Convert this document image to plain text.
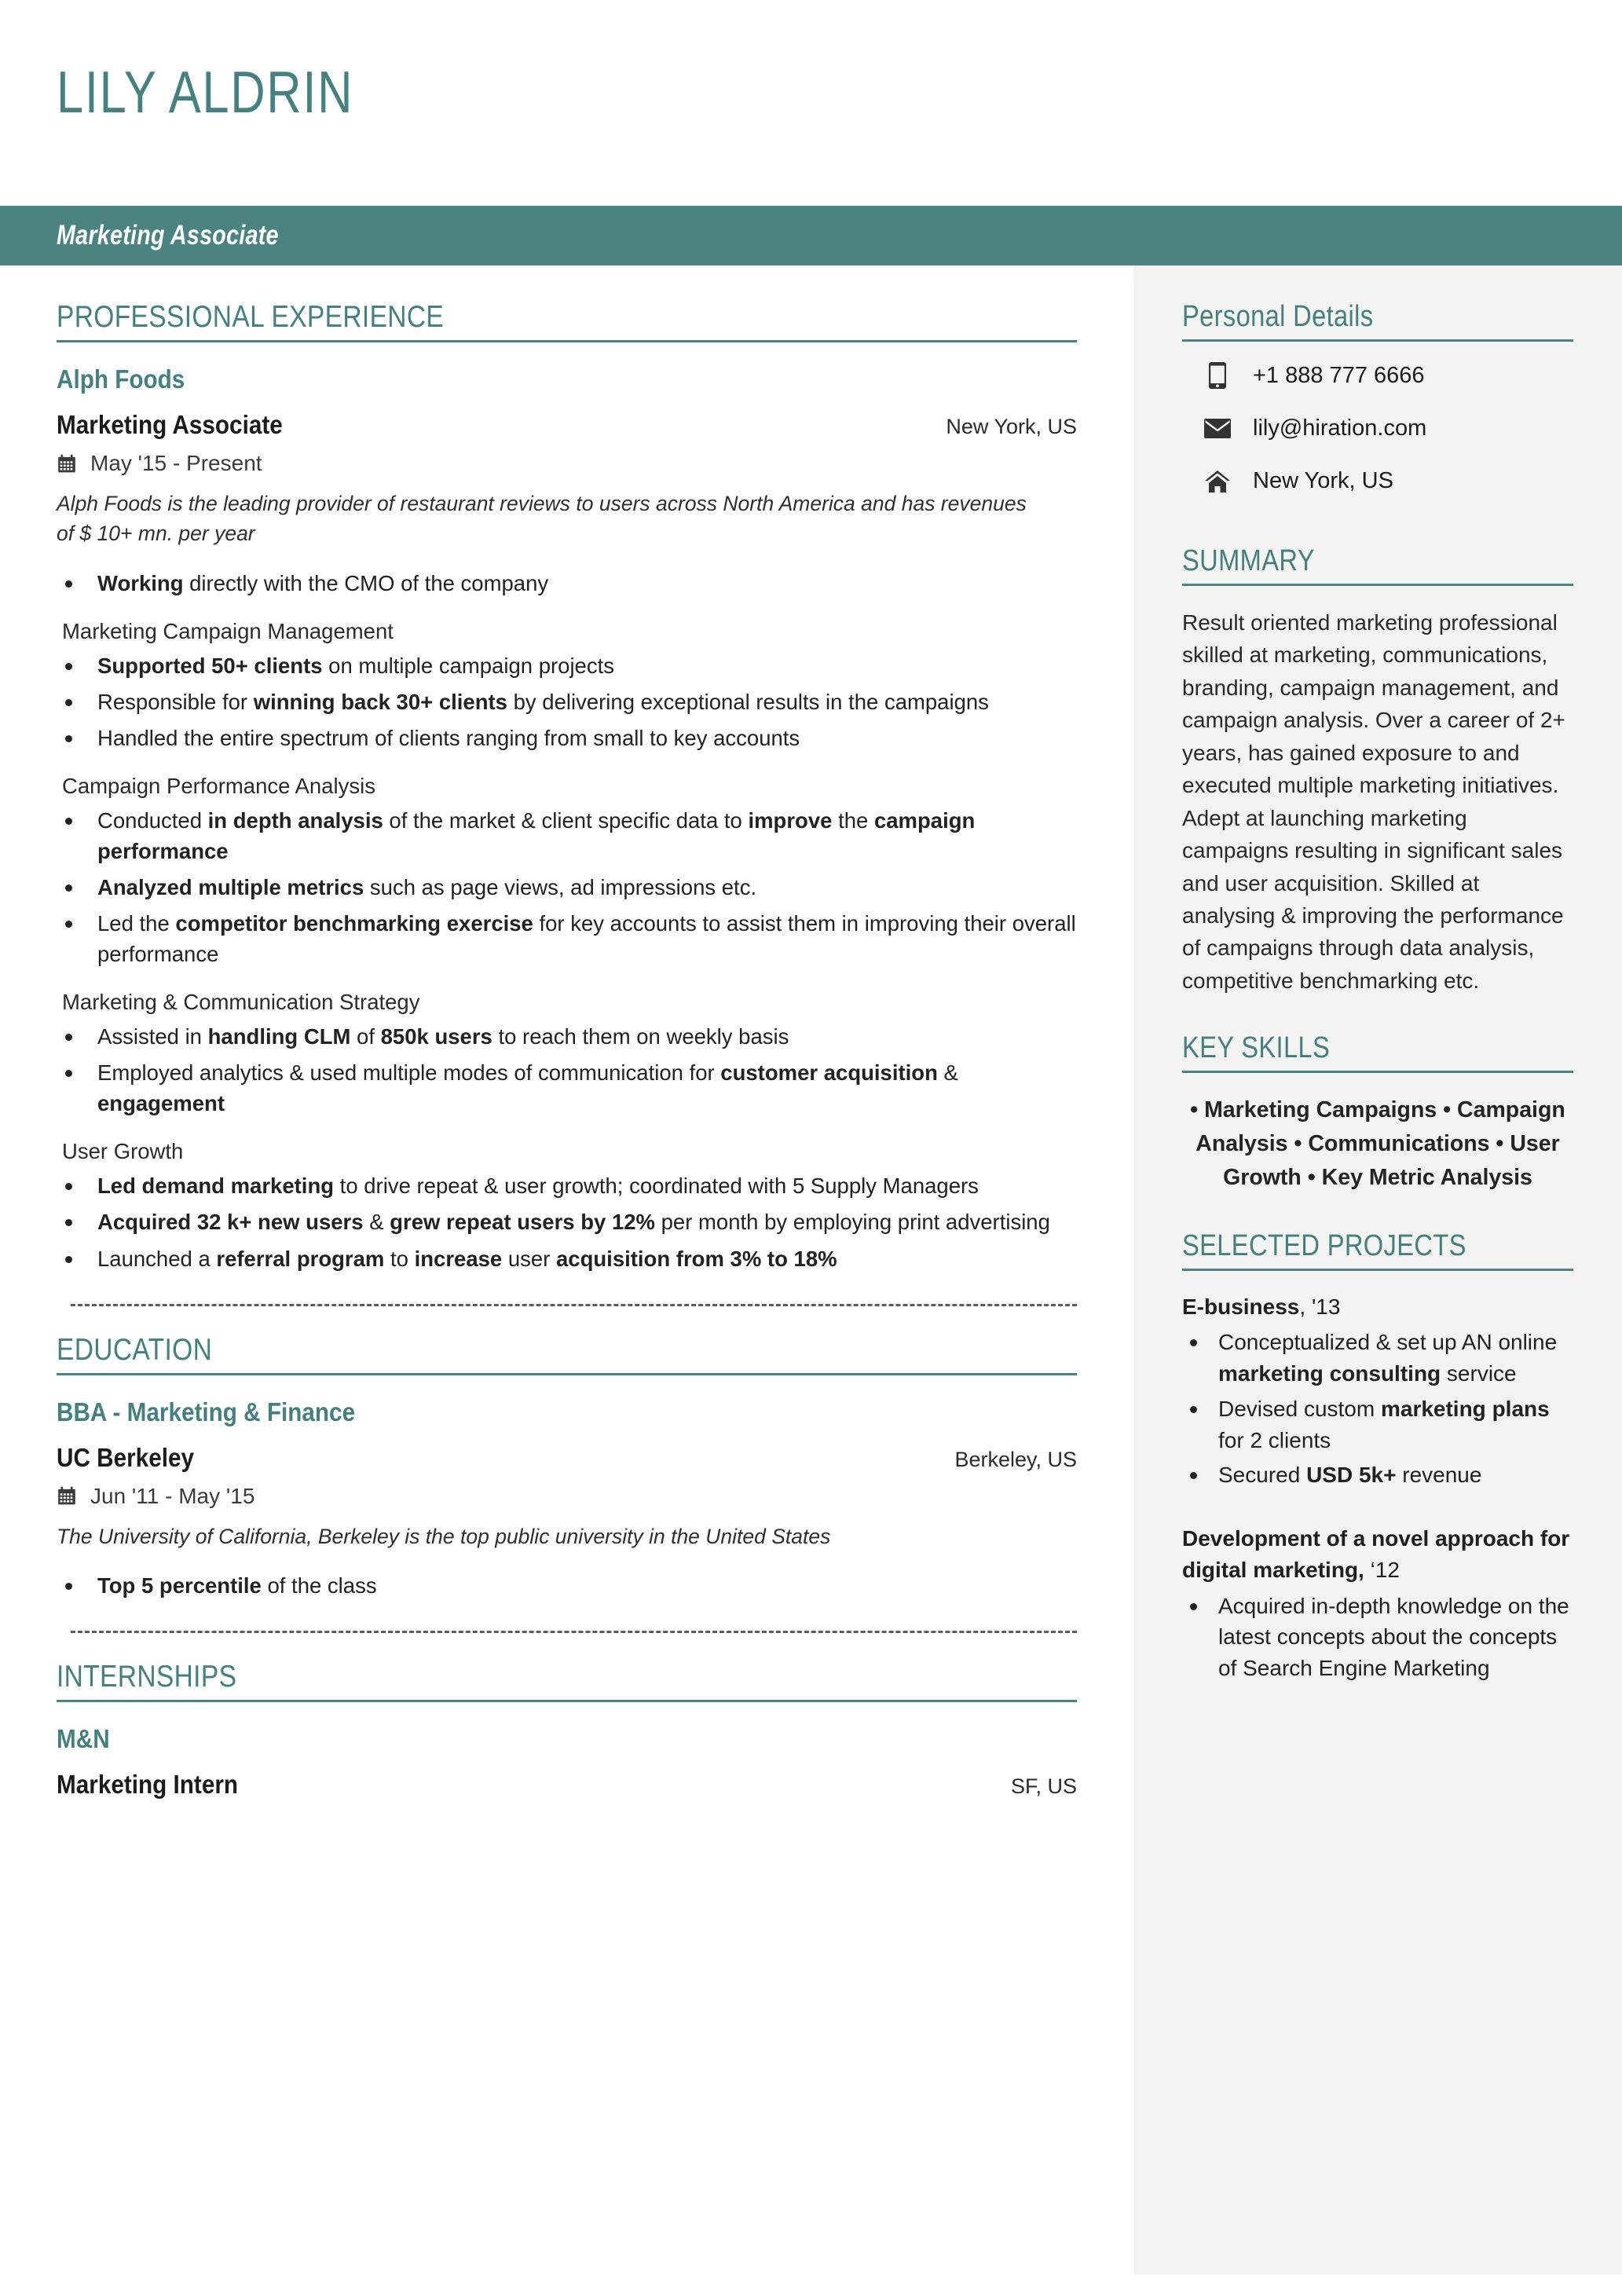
LILY ALDRIN
Marketing Associate
PROFESSIONAL EXPERIENCE
Alph Foods
Marketing Associate	New York, US
May '15 - Present
Alph Foods is the leading provider of restaurant reviews to users across North America and has revenues of $ 10+ mn. per year
Working directly with the CMO of the company
Marketing Campaign Management
Supported 50+ clients on multiple campaign projects
Responsible for winning back 30+ clients by delivering exceptional results in the campaigns
Handled the entire spectrum of clients ranging from small to key accounts
Campaign Performance Analysis
Conducted in depth analysis of the market & client specific data to improve the campaign performance
Analyzed multiple metrics such as page views, ad impressions etc.
Led the competitor benchmarking exercise for key accounts to assist them in improving their overall performance
Marketing & Communication Strategy
Assisted in handling CLM of 850k users to reach them on weekly basis
Employed analytics & used multiple modes of communication for customer acquisition & engagement
User Growth
Led demand marketing to drive repeat & user growth; coordinated with 5 Supply Managers
Acquired 32 k+ new users & grew repeat users by 12% per month by employing print advertising
Launched a referral program to increase user acquisition from 3% to 18%
EDUCATION
BBA - Marketing & Finance
UC Berkeley	Berkeley, US
Jun '11 - May '15
The University of California, Berkeley is the top public university in the United States
Top 5 percentile of the class
INTERNSHIPS
M&N
Marketing Intern	SF, US
Personal Details
+1 888 777 6666
lily@hiration.com
New York, US
SUMMARY
Result oriented marketing professional skilled at marketing, communications, branding, campaign management, and campaign analysis. Over a career of 2+ years, has gained exposure to and executed multiple marketing initiatives. Adept at launching marketing campaigns resulting in significant sales and user acquisition. Skilled at analysing & improving the performance of campaigns through data analysis, competitive benchmarking etc.
KEY SKILLS
• Marketing Campaigns • Campaign Analysis • Communications • User Growth • Key Metric Analysis
SELECTED PROJECTS
E-business, '13
Conceptualized & set up AN online marketing consulting service
Devised custom marketing plans for 2 clients
Secured USD 5k+ revenue
Development of a novel approach for digital marketing, ‘12
Acquired in-depth knowledge on the latest concepts about the concepts of Search Engine Marketing
